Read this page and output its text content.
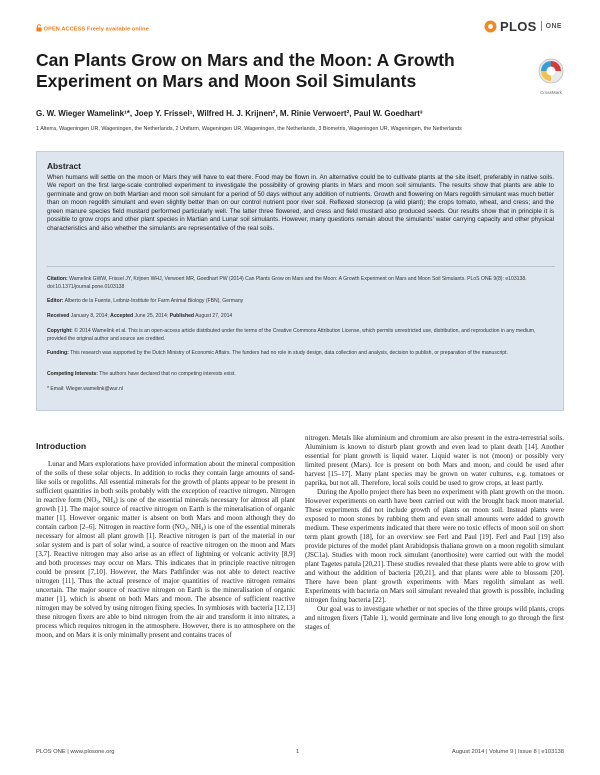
OPEN ACCESS Freely available online	PLOS ONE
Can Plants Grow on Mars and the Moon: A Growth Experiment on Mars and Moon Soil Simulants
CrossMark
G. W. Wieger Wamelink¹*, Joep Y. Frissel¹, Wilfred H. J. Krijnen², M. Rinie Verwoert², Paul W. Goedhart³
1 Alterra, Wageningen UR, Wageningen, the Netherlands, 2 Unifarm, Wageningen UR, Wageningen, the Netherlands, 3 Biometris, Wageningen UR, Wageningen, the Netherlands
Abstract
When humans will settle on the moon or Mars they will have to eat there. Food may be flown in. An alternative could be to cultivate plants at the site itself, preferably in native soils. We report on the first large-scale controlled experiment to investigate the possibility of growing plants in Mars and moon soil simulants. The results show that plants are able to germinate and grow on both Martian and moon soil simulant for a period of 50 days without any addition of nutrients. Growth and flowering on Mars regolith simulant was much better than on moon regolith simulant and even slightly better than on our control nutrient poor river soil. Reflexed stonecrop (a wild plant); the crops tomato, wheat, and cress; and the green manure species field mustard performed particularly well. The latter three flowered, and cress and field mustard also produced seeds. Our results show that in principle it is possible to grow crops and other plant species in Martian and Lunar soil simulants. However, many questions remain about the simulants' water carrying capacity and other physical characteristics and also whether the simulants are representative of the real soils.
Citation: Wamelink GWW, Frissel JY, Krijnen WHJ, Verwoert MR, Goedhart PW (2014) Can Plants Grow on Mars and the Moon: A Growth Experiment on Mars and Moon Soil Simulants. PLoS ONE 9(8): e103138. doi:10.1371/journal.pone.0103138
Editor: Alberto de la Fuente, Leibniz-Institute for Farm Animal Biology (FBN), Germany
Received January 8, 2014; Accepted June 25, 2014; Published August 27, 2014
Copyright: © 2014 Wamelink et al. This is an open-access article distributed under the terms of the Creative Commons Attribution License, which permits unrestricted use, distribution, and reproduction in any medium, provided the original author and source are credited.
Funding: This research was supported by the Dutch Ministry of Economic Affairs. The funders had no role in study design, data collection and analysis, decision to publish, or preparation of the manuscript.
Competing Interests: The authors have declared that no competing interests exist.
* Email: Wieger.wamelink@wur.nl
Introduction

Lunar and Mars explorations have provided information about the mineral composition of the soils of these solar objects. In addition to rocks they contain large amounts of sand-like soils or regoliths. All essential minerals for the growth of plants appear to be present in sufficient quantities in both soils probably with the exception of reactive nitrogen. Nitrogen in reactive form (NO₃, NH₄) is one of the essential minerals necessary for almost all plant growth [1]. The major source of reactive nitrogen on Earth is the mineralisation of organic matter [1]. However organic matter is absent on both Mars and moon although they do contain carbon [2–6]. Nitrogen in reactive form (NO₃, NH₄) is one of the essential minerals necessary for almost all plant growth [1]. Reactive nitrogen is part of the material in our solar system and is part of solar wind, a source of reactive nitrogen on the moon and Mars [3,7]. Reactive nitrogen may also arise as an effect of lightning or volcanic activity [8,9] and both processes may occur on Mars. This indicates that in principle reactive nitrogen could be present [7,10]. However, the Mars Pathfinder was not able to detect reactive nitrogen [11]. Thus the actual presence of major quantities of reactive nitrogen remains uncertain. The major source of reactive nitrogen on Earth is the mineralisation of organic matter [1], which is absent on both Mars and moon. The absence of sufficient reactive nitrogen may be solved by using nitrogen fixing species. In symbioses with bacteria [12,13] these nitrogen fixers are able to bind nitrogen from the air and transform it into nitrates, a process which requires nitrogen in the atmosphere. However, there is no atmosphere on the moon, and on Mars it is only minimally present and contains traces of

nitrogen. Metals like aluminium and chromium are also present in the extra-terrestrial soils. Aluminium is known to disturb plant growth and even lead to plant death [14]. Another essential for plant growth is liquid water. Liquid water is not (moon) or possibly very limited present (Mars). Ice is present on both Mars and moon, and could be used after harvest [15–17]. Many plant species may be grown on water cultures, e.g. tomatoes or paprika, but not all. Therefore, local soils could be used to grow crops, at least partly.

During the Apollo project there has been no experiment with plant growth on the moon. However experiments on earth have been carried out with the brought back moon material. These experiments did not include growth of plants on moon soil. Instead plants were exposed to moon stones by rubbing them and even small amounts were added to growth medium. These experiments indicated that there were no toxic effects of moon soil on short term plant growth [18], for an overview see Ferl and Paul [19]. Ferl and Paul [19] also provide pictures of the model plant Arabidopsis thaliana grown on a moon regolith simulant (JSC1a). Studies with moon rock simulant (anorthosite) were carried out with the model plant Tagetes patula [20,21]. These studies revealed that these plants were able to grow with and without the addition of bacteria [20,21], and that plants were able to blossom [20]. There have been plant growth experiments with Mars regolith simulant as well. Experiments with bacteria on Mars soil simulant revealed that growth is possible, including nitrogen fixing bacteria [22].

Our goal was to investigate whether or not species of the three groups wild plants, crops and nitrogen fixers (Table 1), would germinate and live long enough to go through the first stages of

PLOS ONE | www.plosone.org	1	August 2014 | Volume 9 | Issue 8 | e103138
